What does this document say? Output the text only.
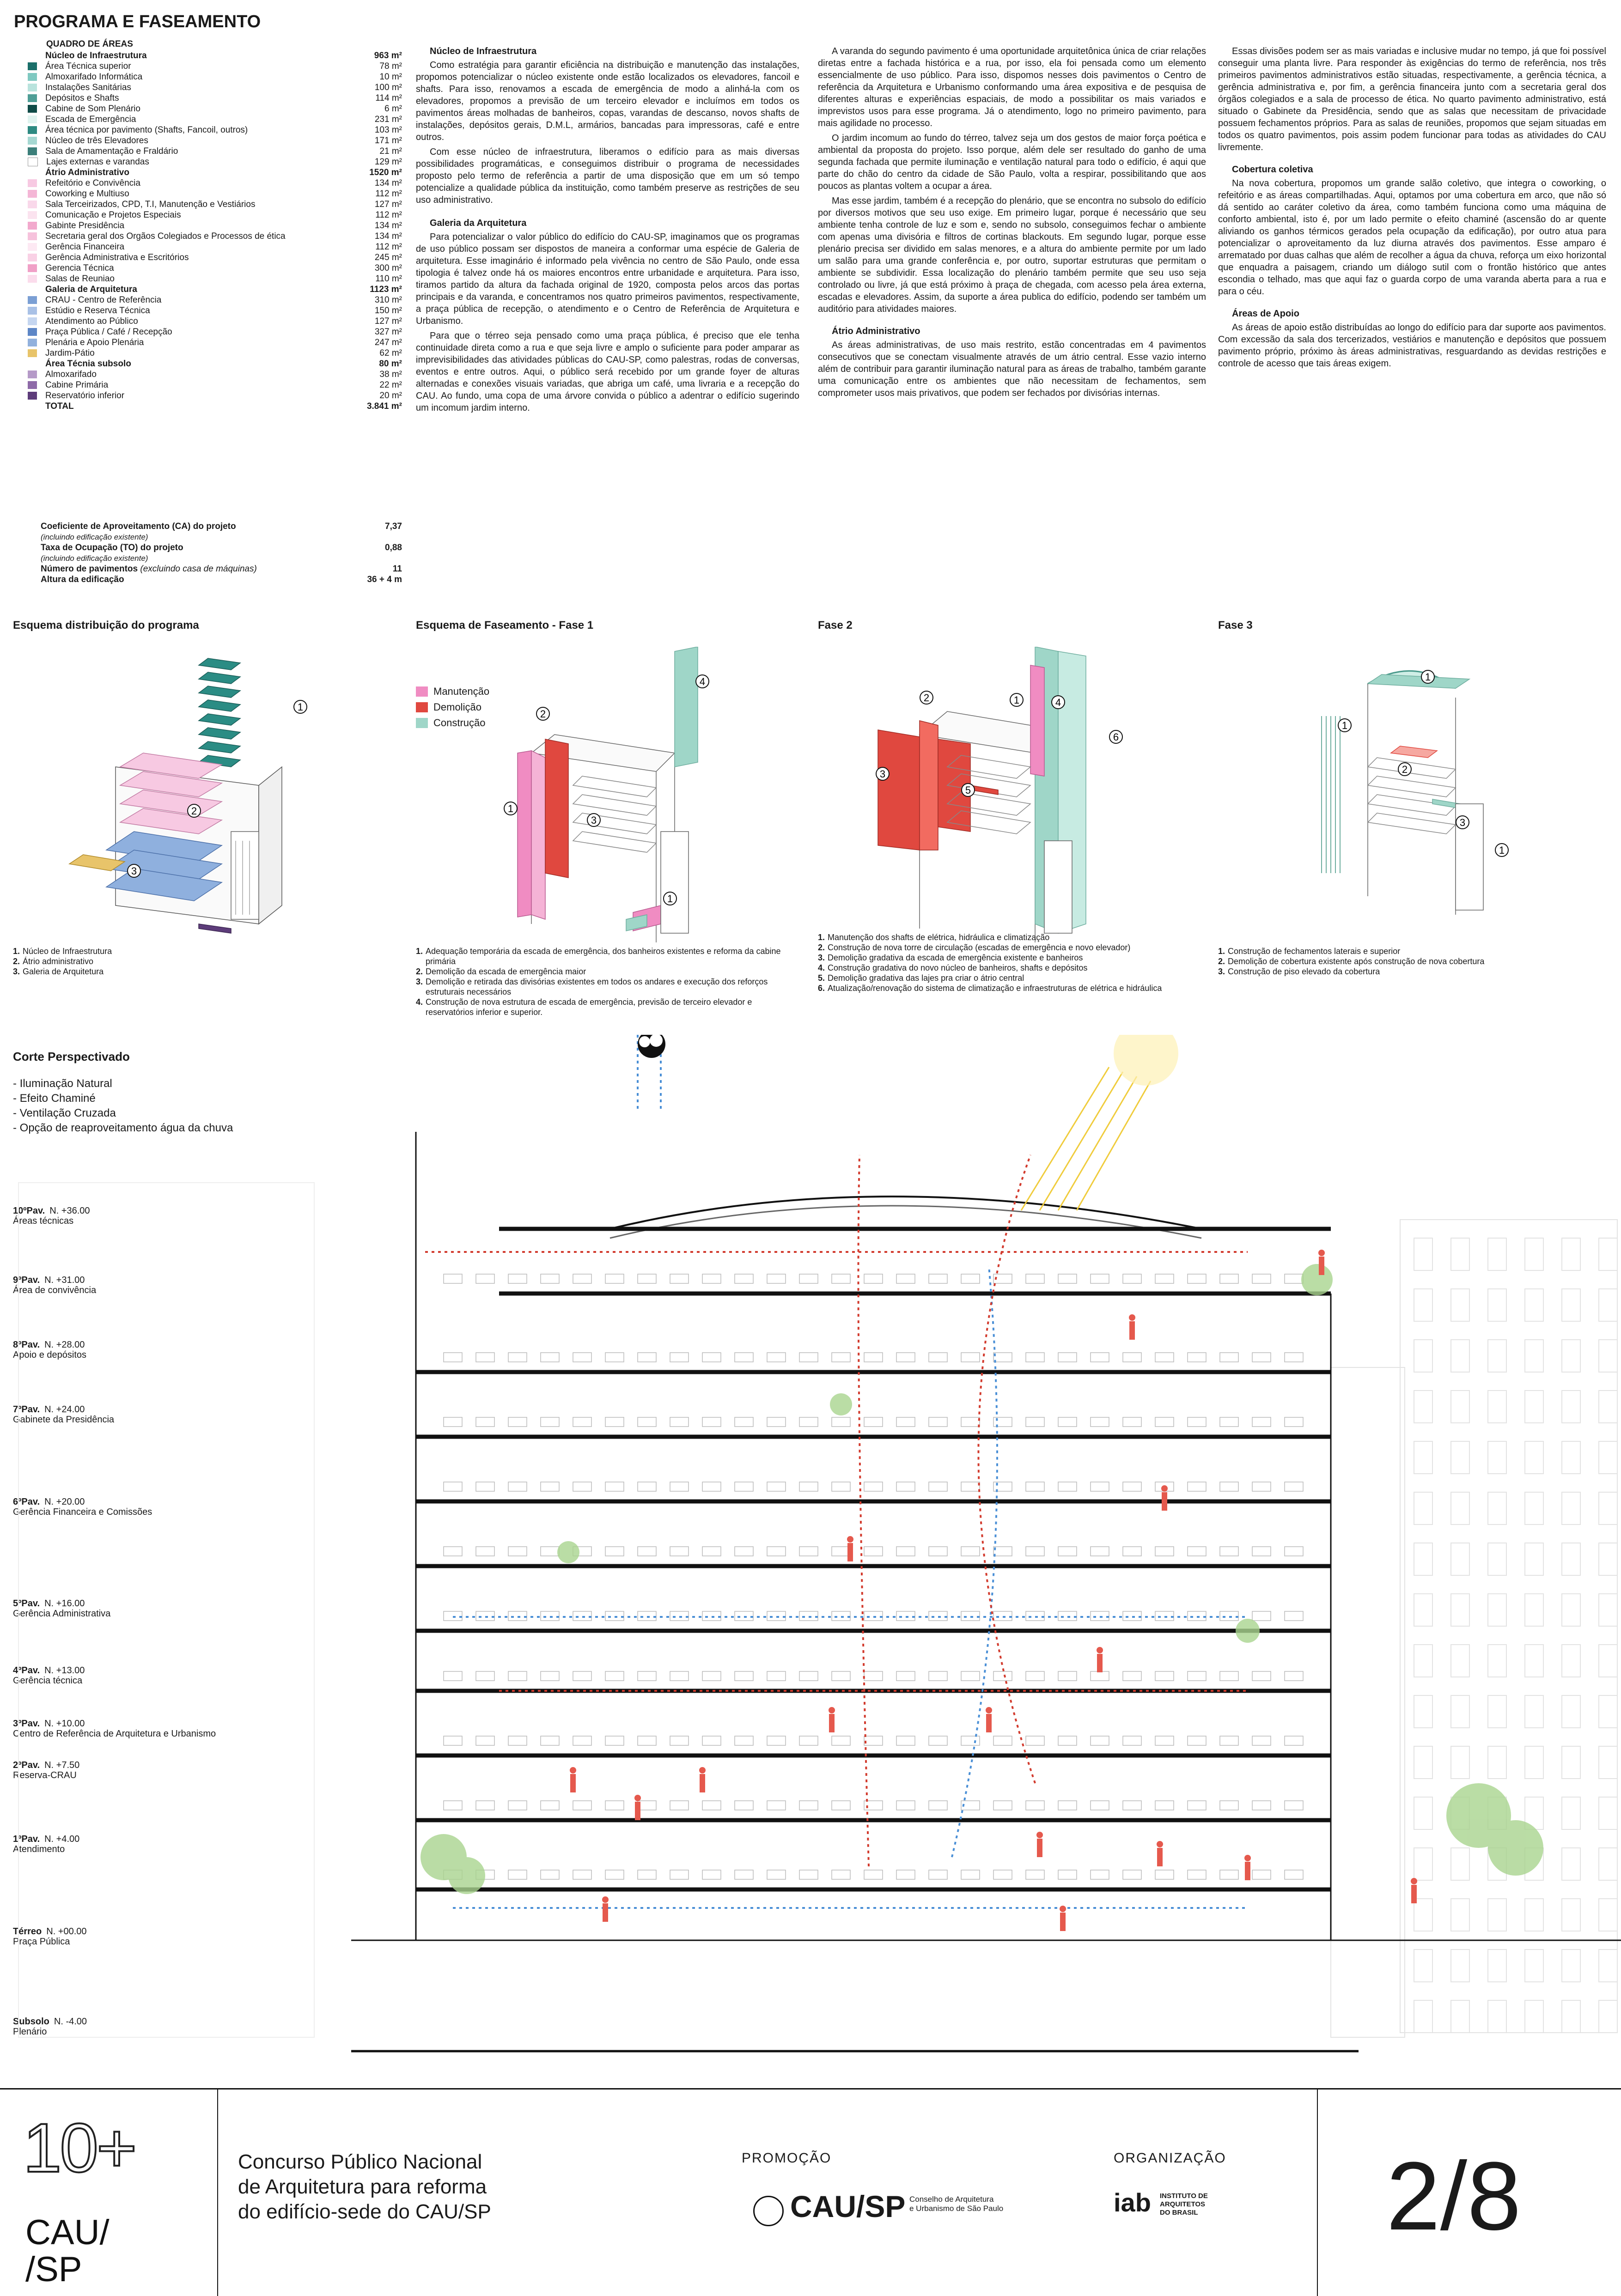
PROGRAMA E FASEAMENTO
QUADRO DE ÁREAS
Núcleo de Infraestrutura	963 m²
Área Técnica superior	78 m²
Almoxarifado Informática	10 m²
Instalações Sanitárias	100 m²
Depósitos e Shafts	114 m²
Cabine de Som Plenário	6 m²
Escada de Emergência	231 m²
Área técnica por pavimento (Shafts, Fancoil, outros)	103 m²
Núcleo de três Elevadores	171 m²
Sala de Amamentação e Fraldário	21 m²
Lajes externas e varandas	129 m²
Átrio Administrativo	1520 m²
Refeitório e Convivência	134 m²
Coworking e Multiuso	112 m²
Sala Terceirizados, CPD, T.I, Manutenção e Vestiários	127 m²
Comunicação e Projetos Especiais	112 m²
Gabinte Presidência	134 m²
Secretaria geral dos Orgãos Colegiados e Processos de ética	134 m²
Gerência Financeira	112 m²
Gerência Administrativa e Escritórios	245 m²
Gerencia Técnica	300 m²
Salas de Reuniao	110 m²
Galeria de Arquitetura	1123 m²
CRAU - Centro de Referência	310 m²
Estúdio e Reserva Técnica	150 m²
Atendimento ao Público	127 m²
Praça Pública / Café / Recepção	327 m²
Plenária e Apoio Plenária	247 m²
Jardim-Pátio	62 m²
Área Técnia subsolo	80 m²
Almoxarifado	38 m²
Cabine Primária	22 m²
Reservatório inferior	20 m²
TOTAL	3.841 m²
Coeficiente de Aproveitamento (CA) do projeto	7,37
(incluindo edificação existente)
Taxa de Ocupação (TO) do projeto	0,88
(incluindo edificação existente)
Número de pavimentos (excluindo casa de máquinas)	11
Altura da edificação	36 + 4 m
Núcleo de Infraestrutura

Como estratégia para garantir eficiência na distribuição e manutenção das instalações, propomos potencializar o núcleo existente onde estão localizados os elevadores, fancoil e shafts. Para isso, renovamos a escada de emergência de modo a alinhá-la com os elevadores, propomos a previsão de um terceiro elevador e incluímos em todos os pavimentos áreas molhadas de banheiros, copas, varandas de descanso, novos shafts de instalações, depósitos gerais, D.M.L, armários, bancadas para impressoras, café e entre outros.

Com esse núcleo de infraestrutura, liberamos o edifício para as mais diversas possibilidades programáticas, e conseguimos distribuir o programa de necessidades proposto pelo termo de referência a partir de uma disposição que em um só tempo potencialize a qualidade pública da instituição, como também preserve as restrições de seu uso administrativo.

Galeria da Arquitetura

Para potencializar o valor público do edifício do CAU-SP, imaginamos que os programas de uso público possam ser dispostos de maneira a conformar uma espécie de Galeria de arquitetura. Esse imaginário é informado pela vivência no centro de São Paulo, onde essa tipologia é talvez onde há os maiores encontros entre urbanidade e arquitetura. Para isso, tiramos partido da altura da fachada original de 1920, composta pelos arcos das portas principais e da varanda, e concentramos nos quatro primeiros pavimentos, respectivamente, a praça pública de recepção, o atendimento e o Centro de Referência de Arquitetura e Urbanismo.

Para que o térreo seja pensado como uma praça pública, é preciso que ele tenha continuidade direta como a rua e que seja livre e amplo o suficiente para poder amparar as imprevisibilidades das atividades públicas do CAU-SP, como palestras, rodas de conversas, eventos e entre outros. Aqui, o público será recebido por um grande foyer de alturas alternadas e conexões visuais variadas, que abriga um café, uma livraria e a recepção do CAU. Ao fundo, uma copa de uma árvore convida o público a adentrar o edifício sugerindo um incomum jardim interno.

A varanda do segundo pavimento é uma oportunidade arquitetônica única de criar relações diretas entre a fachada histórica e a rua, por isso, ela foi pensada como um elemento essencialmente de uso público. Para isso, dispomos nesses dois pavimentos o Centro de referência da Arquitetura e Urbanismo conformando uma área expositiva e de pesquisa de diferentes alturas e experiências espaciais, de modo a possibilitar os mais variados e imprevistos usos para esse programa. Já o atendimento, logo no primeiro pavimento, para mais agilidade no processo.

O jardim incomum ao fundo do térreo, talvez seja um dos gestos de maior força poética e ambiental da proposta do projeto. Isso porque, além dele ser resultado do ganho de uma segunda fachada que permite iluminação e ventilação natural para todo o edifício, é aqui que parte do chão do centro da cidade de São Paulo, volta a respirar, possibilitando que aos poucos as plantas voltem a ocupar a área.

Mas esse jardim, também é a recepção do plenário, que se encontra no subsolo do edifício por diversos motivos que seu uso exige. Em primeiro lugar, porque é necessário que seu ambiente tenha controle de luz e som e, sendo no subsolo, conseguimos fechar o ambiente com apenas uma divisória e filtros de cortinas blackouts. Em segundo lugar, porque esse plenário precisa ser dividido em salas menores, e a altura do ambiente permite por um lado um salão para uma grande conferência e, por outro, suportar estruturas que permitam o ambiente se subdividir. Essa localização do plenário também permite que seu uso seja controlado ou livre, já que está próximo à praça de chegada, com acesso pela área externa, escadas e elevadores. Assim, da suporte a área publica do edifício, podendo ser também um auditório para atividades maiores.

Átrio Administrativo

As áreas administrativas, de uso mais restrito, estão concentradas em 4 pavimentos consecutivos que se conectam visualmente através de um átrio central. Esse vazio interno além de contribuir para garantir iluminação natural para as áreas de trabalho, também garante uma comunicação entre os ambientes que não necessitam de fechamentos, sem comprometer usos mais privativos, que podem ser fechados por divisórias internas.

Essas divisões podem ser as mais variadas e inclusive mudar no tempo, já que foi possível conseguir uma planta livre. Para responder às exigências do termo de referência, nos três primeiros pavimentos administrativos estão situadas, respectivamente, a gerência técnica, a gerência administrativa e, por fim, a gerência financeira junto com a secretaria geral dos órgãos colegiados e a sala de processo de ética. No quarto pavimento administrativo, está situado o Gabinete da Presidência, sendo que as salas que necessitam de privacidade possuem fechamentos próprios. Para as salas de reuniões, propomos que sejam situadas em todos os quatro pavimentos, pois assim podem funcionar para todas as atividades do CAU livremente.

Cobertura coletiva

Na nova cobertura, propomos um grande salão coletivo, que integra o coworking, o refeitório e as áreas compartilhadas. Aqui, optamos por uma cobertura em arco, que não só dá sentido ao caráter coletivo da área, como também funciona como uma máquina de conforto ambiental, isto é, por um lado permite o efeito chaminé (ascensão do ar quente aliviando os ganhos térmicos gerados pela ocupação da edificação), por outro atua para potencializar o aproveitamento da luz diurna através dos pavimentos. Esse amparo é arrematado por duas calhas que além de recolher a água da chuva, reforça um eixo horizontal que enquadra a paisagem, criando um diálogo sutil com o frontão histórico que antes escondia o telhado, mas que aqui faz o guarda corpo de uma varanda aberta para a rua e para o céu.

Áreas de Apoio

As áreas de apoio estão distribuídas ao longo do edifício para dar suporte aos pavimentos. Com excessão da sala dos tercerizados, vestiários e manutenção e depósitos que possuem pavimento próprio, próximo às áreas administrativas, resguardando as devidas restrições e controle de acesso que tais áreas exigem.

Esquema distribuição do programa	Esquema de Faseamento - Fase 1	Fase 2	Fase 3
Manutenção
Demolição
Construção
1
2
3
1
2
3
4
1
1
2
3
4
5
6
1
1
2
3
1
1. Núcleo de Infraestrutura
2. Átrio administrativo
3. Galeria de Arquitetura
1. Adequação temporária da escada de emergência, dos banheiros existentes e reforma da cabine primária
2. Demolição da escada de emergência maior
3. Demolição e retirada das divisórias existentes em todos os andares e execução dos reforços estruturais necessários
4. Construção de nova estrutura de escada de emergência, previsão de terceiro elevador e reservatórios inferior e superior.
1. Manutenção dos shafts de elétrica, hidráulica e climatização
2. Construção de nova torre de circulação (escadas de emergência e novo elevador)
3. Demolição gradativa da escada de emergência existente e banheiros
4. Construção gradativa do novo núcleo de banheiros, shafts e depósitos
5. Demolição gradativa das lajes pra criar o átrio central
6. Atualização/renovação do sistema de climatização e infraestruturas de elétrica e hidráulica
1. Construção de fechamentos laterais e superior
2. Demolição de cobertura existente após construção de nova cobertura
3. Construção de piso elevado da cobertura
Corte Perspectivado
- Iluminação Natural
- Efeito Chaminé
- Ventilação Cruzada
- Opção de reaproveitamento água da chuva
10ºPav. N. +36.00
Áreas técnicas
9ºPav. N. +31.00
Área de convivência
8ºPav. N. +28.00
Apoio e depósitos
7ºPav. N. +24.00
Gabinete da Presidência
6ºPav. N. +20.00
Gerência Financeira e Comissões
5ºPav. N. +16.00
Gerência Administrativa
4ºPav. N. +13.00
Gerência técnica
3ºPav. N. +10.00
Centro de Referência de Arquitetura e Urbanismo
2ºPav. N. +7.50
Reserva-CRAU
1ºPav. N. +4.00
Atendimento
Térreo N. +00.00
Praça Pública
Subsolo N. -4.00
Plenário
10+
CAU/
/SP
Concurso Público Nacional
de Arquitetura para reforma
do edifício-sede do CAU/SP
PROMOÇÃO	ORGANIZAÇÃO
CAU/SP Conselho de Arquitetura
e Urbanismo de São Paulo	iab INSTITUTO DE
ARQUITETOS
DO BRASIL 2/8
